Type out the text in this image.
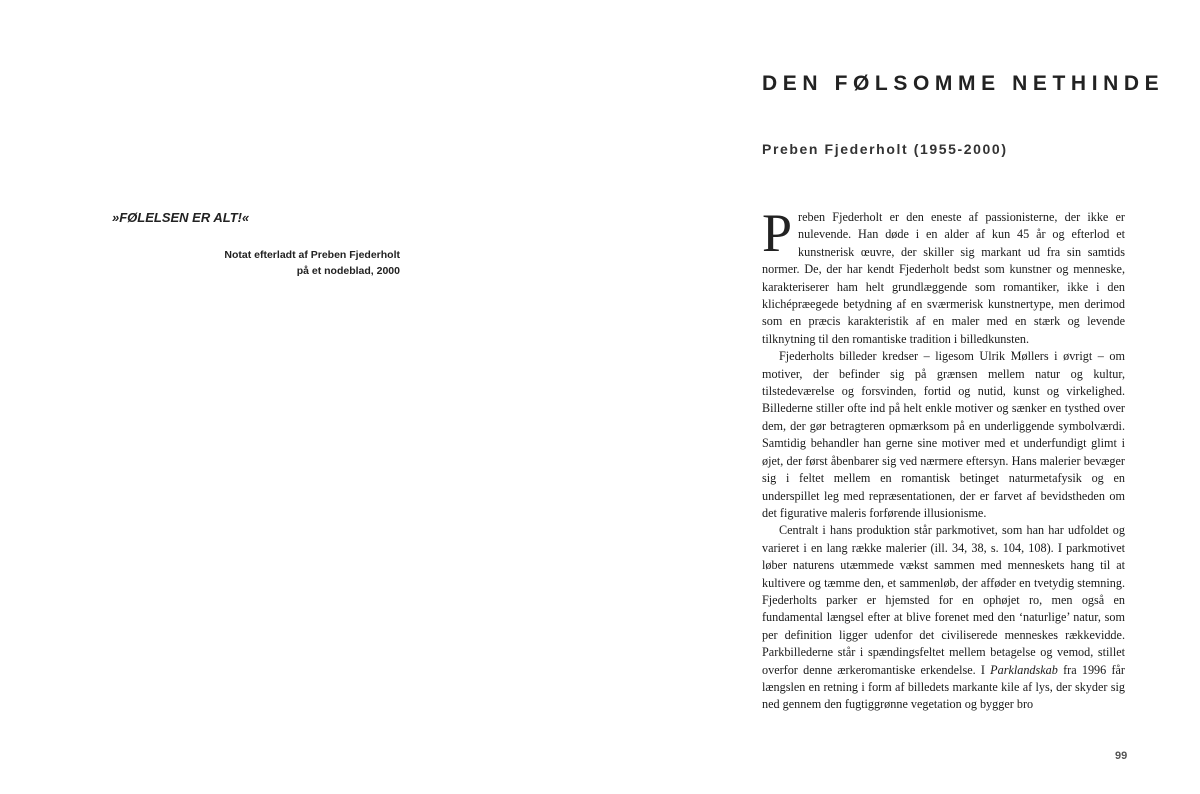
»FØLELSEN ER ALT!«
Notat efterladt af Preben Fjederholt
på et nodeblad, 2000
DEN FØLSOMME NETHINDE
Preben Fjederholt (1955-2000)

Preben Fjederholt er den eneste af passionisterne, der ikke er nulevende. Han døde i en alder af kun 45 år og efterlod et kunstnerisk œuvre, der skiller sig markant ud fra sin samtids normer. De, der har kendt Fjederholt bedst som kunstner og menneske, karakteriserer ham helt grundlæggende som romantiker, ikke i den klichépræegede betydning af en sværmerisk kunstnertype, men derimod som en præcis karakteristik af en maler med en stærk og levende tilknytning til den romantiske tradition i billedkunsten.

Fjederholts billeder kredser – ligesom Ulrik Møllers i øvrigt – om motiver, der befinder sig på grænsen mellem natur og kultur, tilstedeværelse og forsvinden, fortid og nutid, kunst og virkelighed. Billederne stiller ofte ind på helt enkle motiver og sænker en tysthed over dem, der gør betragteren opmærksom på en underliggende symbolværdi. Samtidig behandler han gerne sine motiver med et underfundigt glimt i øjet, der først åbenbarer sig ved nærmere eftersyn. Hans malerier bevæger sig i feltet mellem en romantisk betinget naturmetafysik og en underspillet leg med repræsentationen, der er farvet af bevidstheden om det figurative maleris forførende illusionisme.

Centralt i hans produktion står parkmotivet, som han har udfoldet og varieret i en lang række malerier (ill. 34, 38, s. 104, 108). I parkmotivet løber naturens utæmmede vækst sammen med menneskets hang til at kultivere og tæmme den, et sammenløb, der afføder en tvetydig stemning. Fjederholts parker er hjemsted for en ophøjet ro, men også en fundamental længsel efter at blive forenet med den ‘naturlige’ natur, som per definition ligger udenfor det civiliserede menneskes rækkevidde. Parkbillederne står i spændingsfeltet mellem betagelse og vemod, stillet overfor denne ærkeromantiske erkendelse. I Parklandskab fra 1996 får længslen en retning i form af billedets markante kile af lys, der skyder sig ned gennem den fugtiggrønne vegetation og bygger bro

99
